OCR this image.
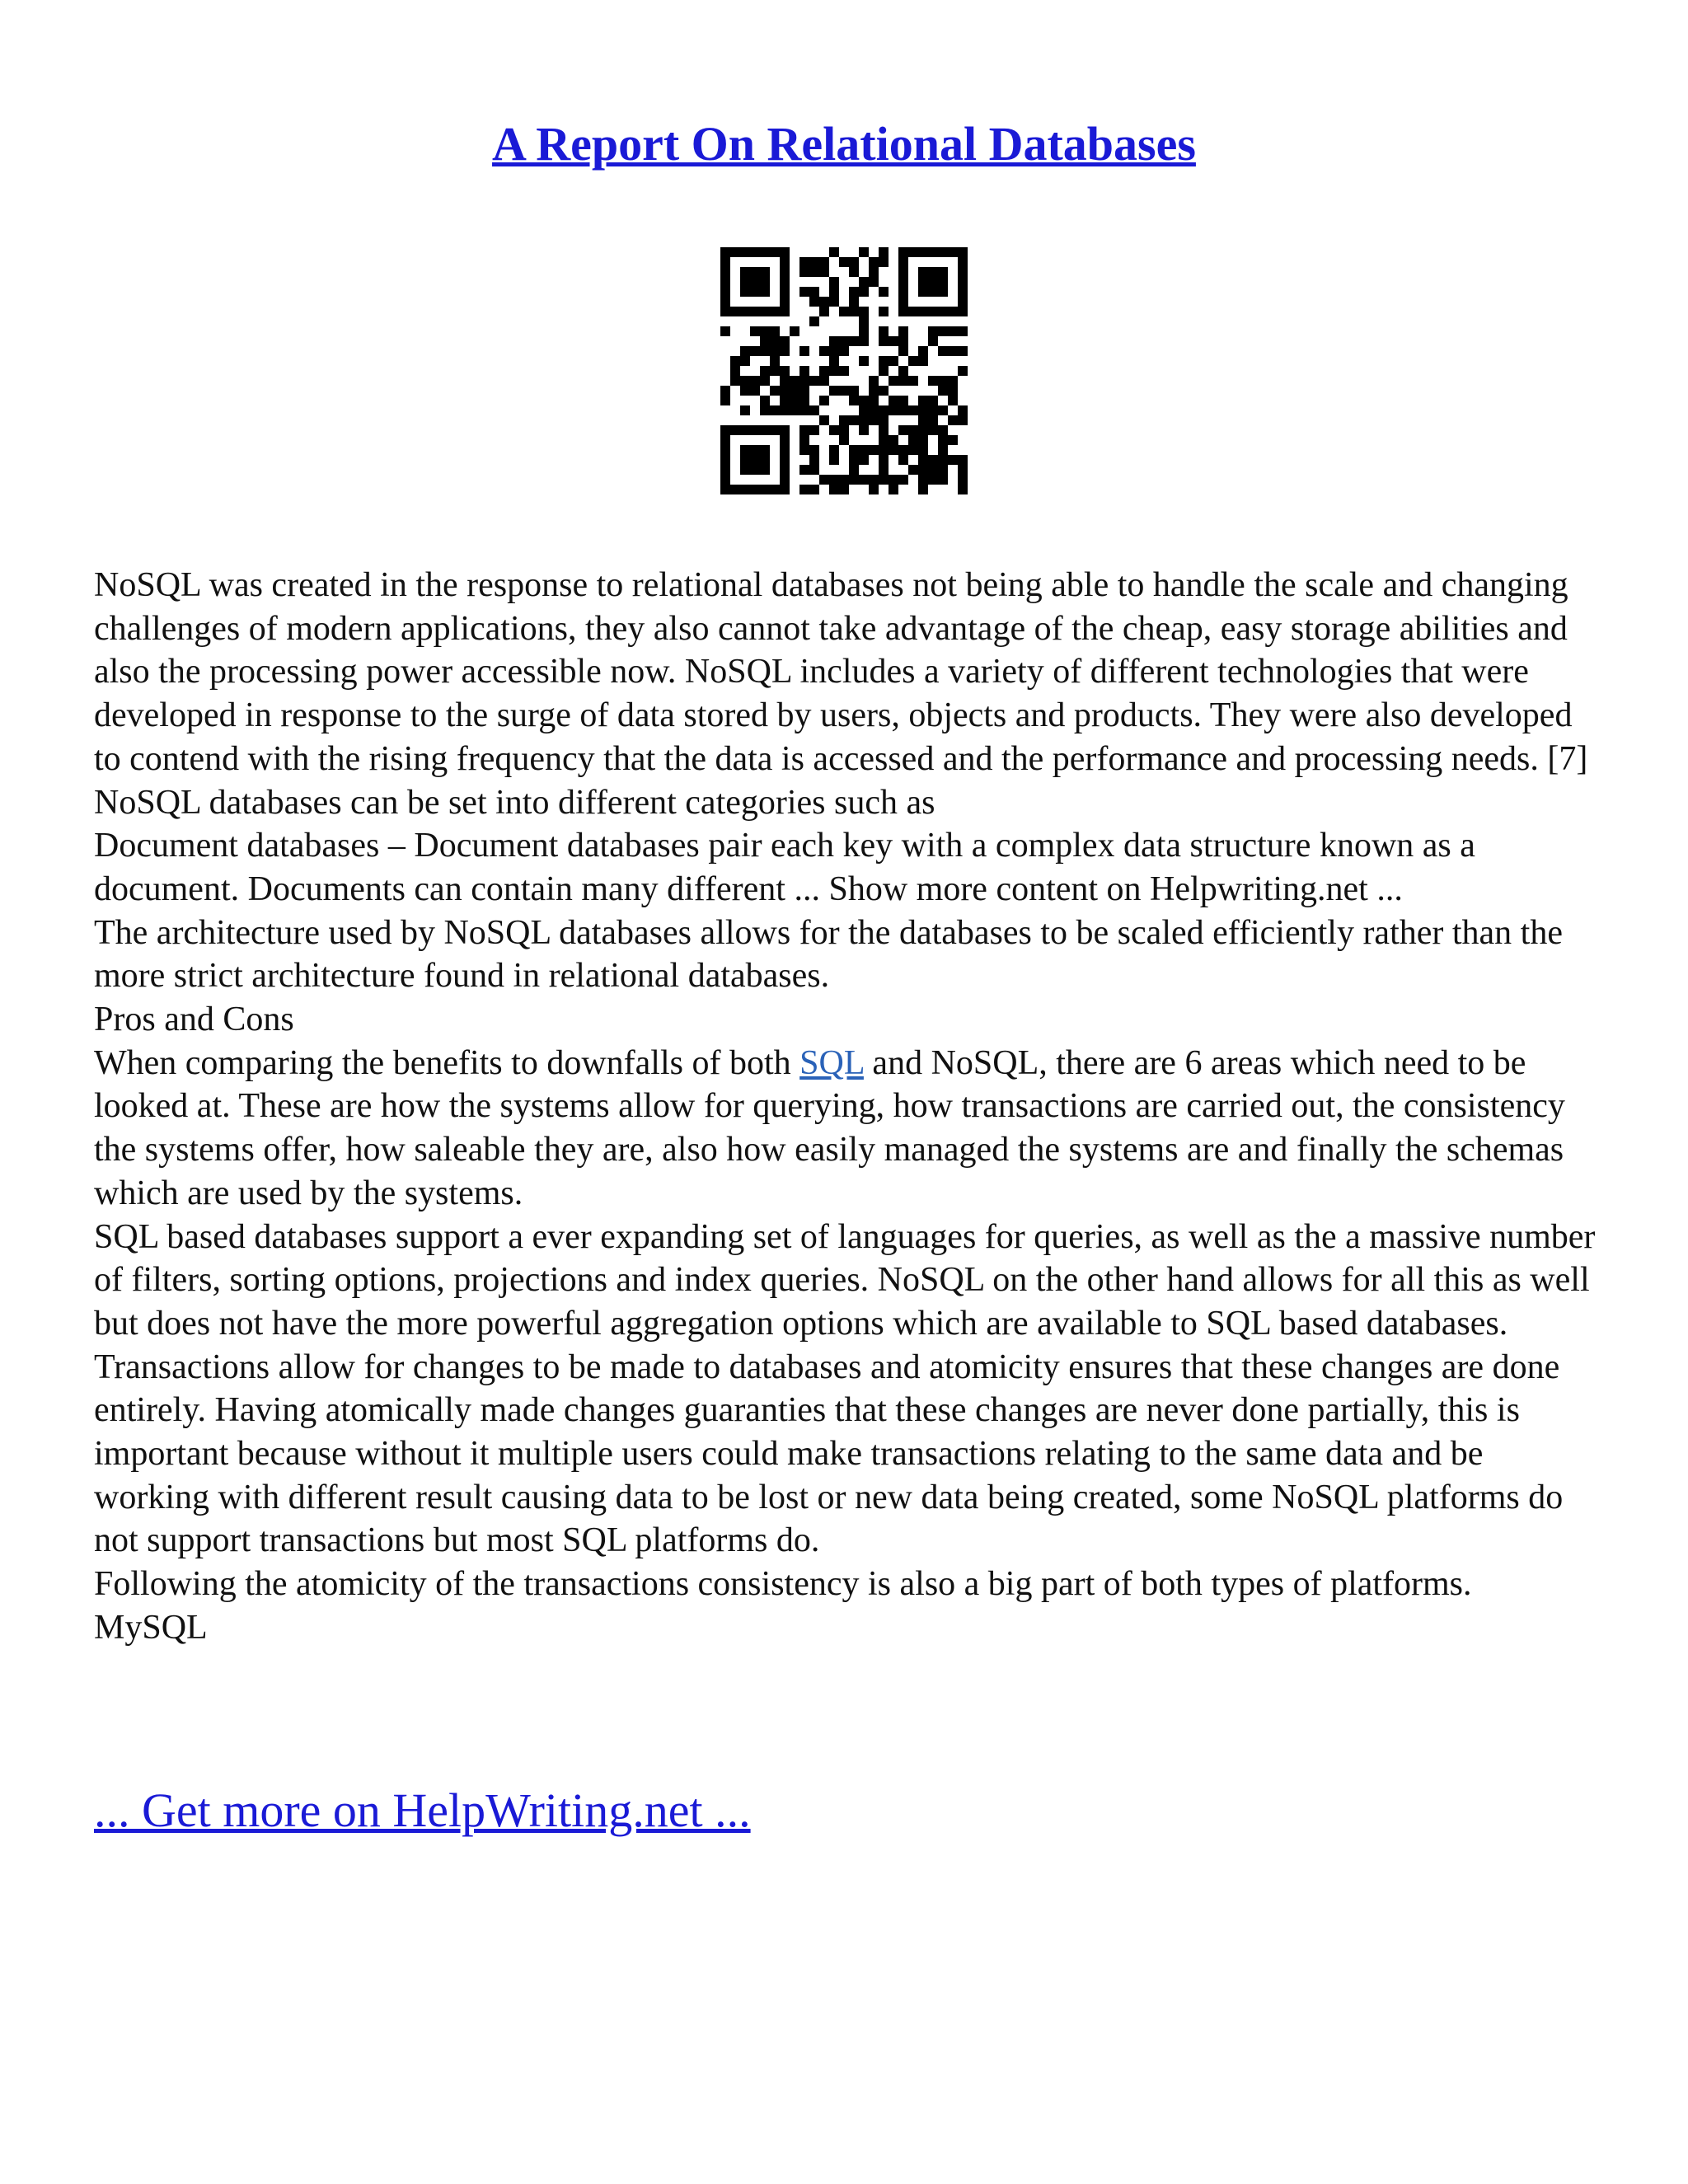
A Report On Relational Databases

NoSQL was created in the response to relational databases not being able to handle the scale and changing challenges of modern applications, they also cannot take advantage of the cheap, easy storage abilities and also the processing power accessible now. NoSQL includes a variety of different technologies that were developed in response to the surge of data stored by users, objects and products. They were also developed to contend with the rising frequency that the data is accessed and the performance and processing needs. [7]

NoSQL databases can be set into different categories such as

Document databases – Document databases pair each key with a complex data structure known as a document. Documents can contain many different ... Show more content on Helpwriting.net ...

The architecture used by NoSQL databases allows for the databases to be scaled efficiently rather than the more strict architecture found in relational databases.

Pros and Cons

When comparing the benefits to downfalls of both SQL and NoSQL, there are 6 areas which need to be looked at. These are how the systems allow for querying, how transactions are carried out, the consistency the systems offer, how saleable they are, also how easily managed the systems are and finally the schemas which are used by the systems.

SQL based databases support a ever expanding set of languages for queries, as well as the a massive number of filters, sorting options, projections and index queries. NoSQL on the other hand allows for all this as well but does not have the more powerful aggregation options which are available to SQL based databases.

Transactions allow for changes to be made to databases and atomicity ensures that these changes are done entirely. Having atomically made changes guaranties that these changes are never done partially, this is important because without it multiple users could make transactions relating to the same data and be working with different result causing data to be lost or new data being created, some NoSQL platforms do not support transactions but most SQL platforms do.

Following the atomicity of the transactions consistency is also a big part of both types of platforms.

MySQL

... Get more on HelpWriting.net ...
